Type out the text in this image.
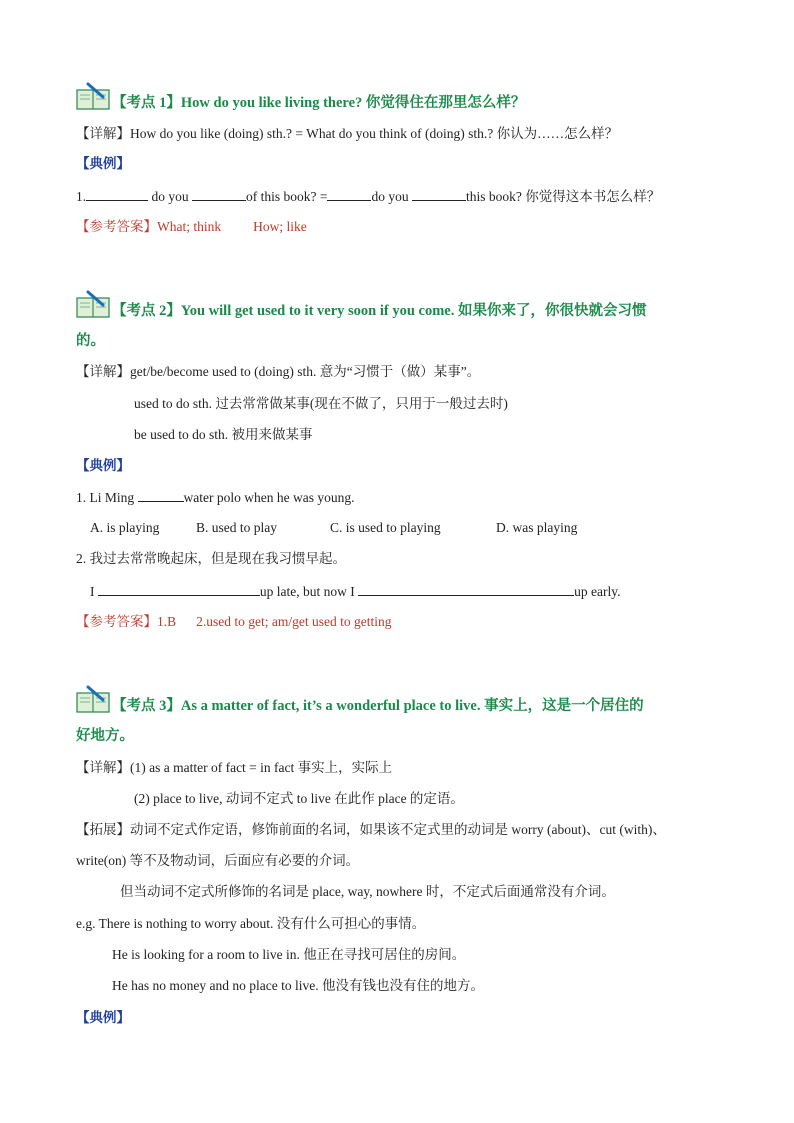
【考点 1】How do you like living there? 你觉得住在那里怎么样？
【详解】How do you like (doing) sth.? = What do you think of (doing) sth.? 你认为……怎么样？
【典例】
1.	do you	of this book? =	do you	this book? 你觉得这本书怎么样？
【参考答案】What; think How; like
【考点 2】You will get used to it very soon if you come. 如果你来了，你很快就会习惯
的。
【详解】get/be/become used to (doing) sth. 意为“习惯于（做）某事”。
used to do sth. 过去常常做某事(现在不做了，只用于一般过去时)
be used to do sth. 被用来做某事
【典例】
1. Li Ming	water polo when he was young.
A. is playing	B. used to play	C. is used to playing	D. was playing
2. 我过去常常晚起床，但是现在我习惯早起。
I	up late, but now I	up early.
【参考答案】1.B 2.used to get; am/get used to getting
【考点 3】As a matter of fact, it’s a wonderful place to live. 事实上，这是一个居住的
好地方。
【详解】(1) as a matter of fact = in fact 事实上，实际上
(2) place to live, 动词不定式 to live 在此作 place 的定语。
【拓展】动词不定式作定语，修饰前面的名词，如果该不定式里的动词是 worry (about)、cut (with)、
write(on) 等不及物动词，后面应有必要的介词。
但当动词不定式所修饰的名词是 place, way, nowhere 时，不定式后面通常没有介词。
e.g. There is nothing to worry about. 没有什么可担心的事情。
He is looking for a room to live in. 他正在寻找可居住的房间。
He has no money and no place to live. 他没有钱也没有住的地方。
【典例】
